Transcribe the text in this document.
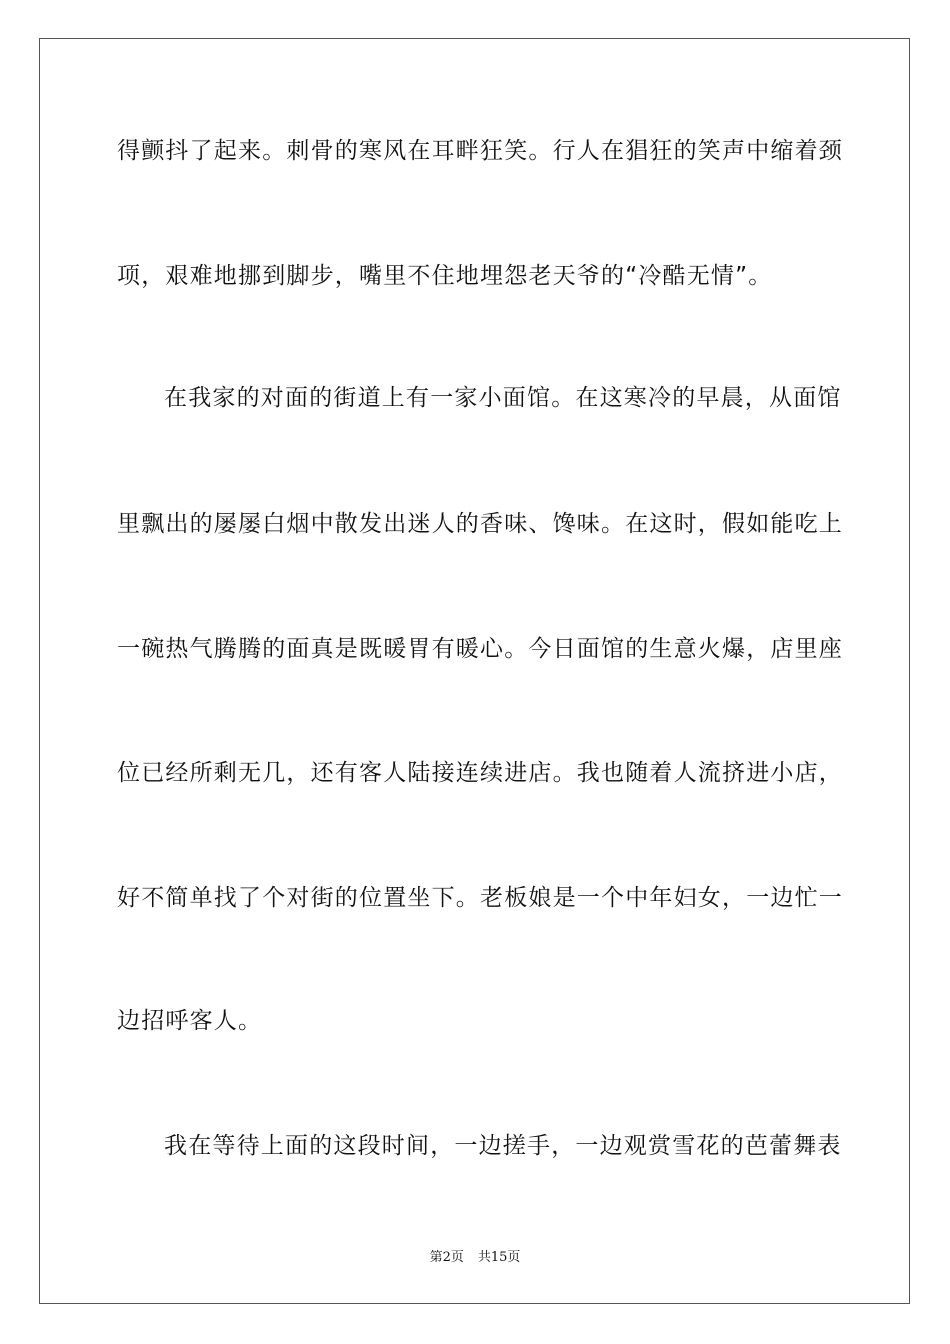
得颤抖了起来。刺骨的寒风在耳畔狂笑。行人在猖狂的笑声中缩着颈
项，艰难地挪到脚步，嘴里不住地埋怨老天爷的“冷酷无情”。
在我家的对面的街道上有一家小面馆。在这寒冷的早晨，从面馆
里飘出的屡屡白烟中散发出迷人的香味、馋味。在这时，假如能吃上
一碗热气腾腾的面真是既暖胃有暖心。今日面馆的生意火爆，店里座
位已经所剩无几，还有客人陆接连续进店。我也随着人流挤进小店，
好不简单找了个对街的位置坐下。老板娘是一个中年妇女，一边忙一
边招呼客人。
我在等待上面的这段时间，一边搓手，一边观赏雪花的芭蕾舞表
第2页 共15页
